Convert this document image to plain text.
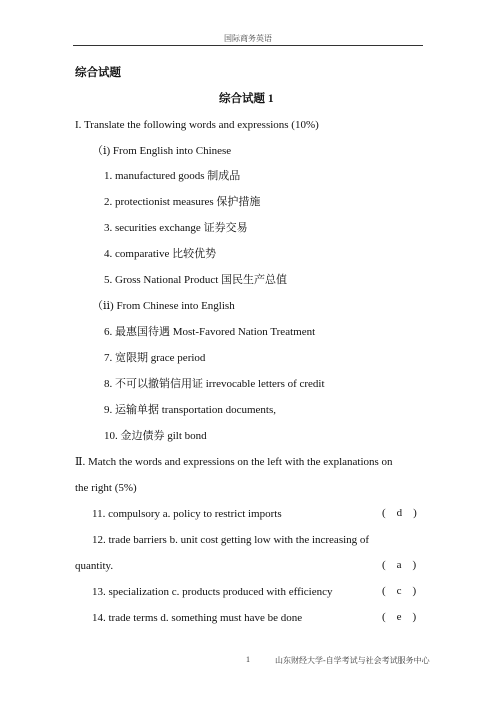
国际商务英语
综合试题
综合试题 1
I. Translate the following words and expressions (10%)
（ⅰ) From English into Chinese
1. manufactured goods 制成品
2. protectionist measures 保护措施
3. securities exchange 证券交易
4. comparative 比较优势
5. Gross National Product 国民生产总值
（ⅱ) From Chinese into English
6. 最惠国待遇 Most-Favored Nation Treatment
7. 宽限期 grace period
8. 不可以撤销信用证 irrevocable letters of credit
9. 运输单据 transportation documents,
10. 金边债券 gilt bond
Ⅱ. Match the words and expressions on the left with the explanations on
the right (5%)
11. compulsory a. policy to restrict imports	(    d    )
12. trade barriers b. unit cost getting low with the increasing of
quantity.	(    a    )
13. specialization c. products produced with efficiency	(    c    )
14. trade terms d. something must have be done	(    e    )
1	山东财经大学-自学考试与社会考试服务中心
